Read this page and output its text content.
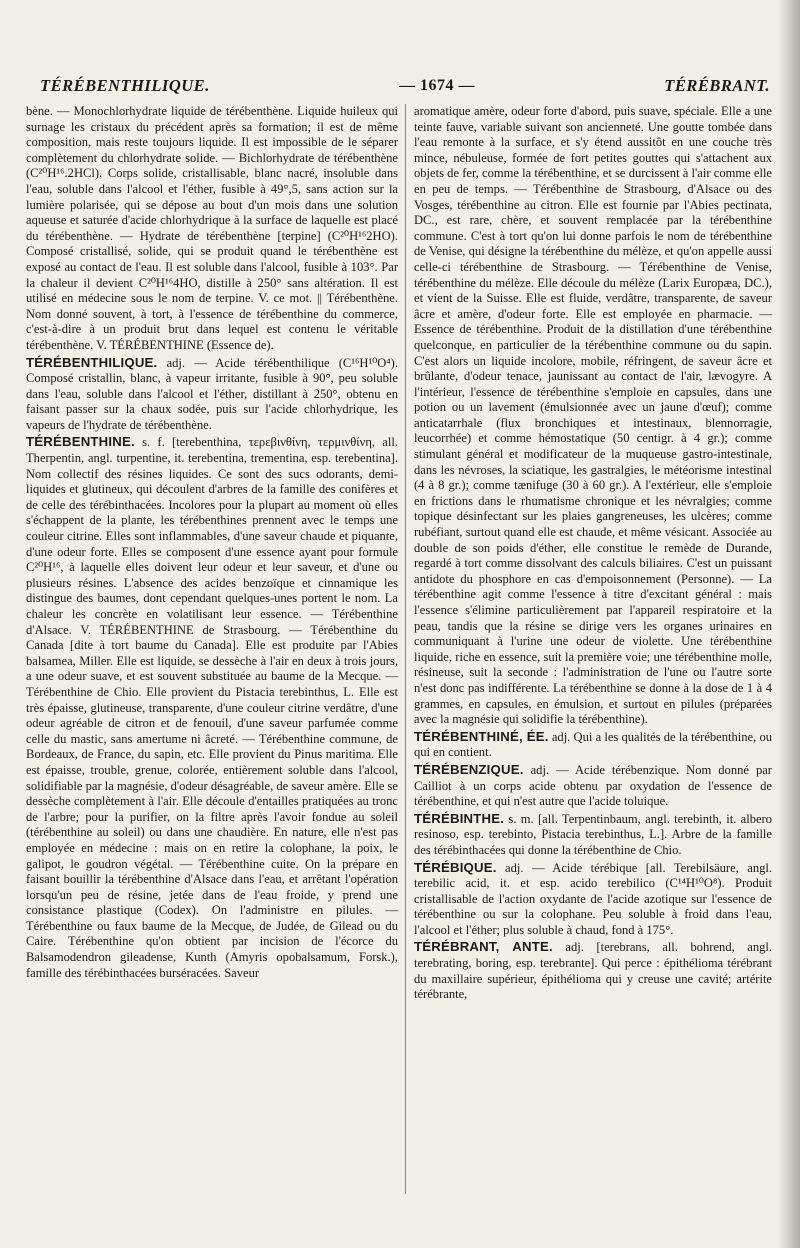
TÉRÉBENTHILIQUE.	— 1674 —	TÉRÉBRANT.

bène. — Monochlorhydrate liquide de térébenthène. Liquide huileux qui surnage les cristaux du précédent après sa formation; il est de même composition, mais reste toujours liquide. Il est impossible de le séparer complètement du chlorhydrate solide. — Bichlorhydrate de térébenthène (C²⁰H¹⁶.2HCl). Corps solide, cristallisable, blanc nacré, insoluble dans l'eau, soluble dans l'alcool et l'éther, fusible à 49°,5, sans action sur la lumière polarisée, qui se dépose au bout d'un mois dans une solution aqueuse et saturée d'acide chlorhydrique à la surface de laquelle est placé du térébenthène. — Hydrate de térébenthène [terpine] (C²⁰H¹⁶2HO). Composé cristallisé, solide, qui se produit quand le térébenthène est exposé au contact de l'eau. Il est soluble dans l'alcool, fusible à 103°. Par la chaleur il devient C²⁰H¹⁶4HO, distille à 250° sans altération. Il est utilisé en médecine sous le nom de terpine. V. ce mot. || Térébenthène. Nom donné souvent, à tort, à l'essence de térébenthine du commerce, c'est-à-dire à un produit brut dans lequel est contenu le véritable térébenthène. V. TÉRÉBENTHINE (Essence de).

TÉRÉBENTHILIQUE. adj. — Acide térébenthilique (C¹⁶H¹⁰O⁴). Composé cristallin, blanc, à vapeur irritante, fusible à 90°, peu soluble dans l'eau, soluble dans l'alcool et l'éther, distillant à 250°, obtenu en faisant passer sur la chaux sodée, puis sur l'acide chlorhydrique, les vapeurs de l'hydrate de térébenthène.

TÉRÉBENTHINE. s. f. [terebenthina, τερεβινθίνη, τερμινθίνη, all. Therpentin, angl. turpentine, it. terebentina, trementina, esp. terebentina]. Nom collectif des résines liquides. Ce sont des sucs odorants, demi-liquides et glutineux, qui découlent d'arbres de la famille des conifères et de celle des térébinthacées. Incolores pour la plupart au moment où elles s'échappent de la plante, les térébenthines prennent avec le temps une couleur citrine. Elles sont inflammables, d'une saveur chaude et piquante, d'une odeur forte. Elles se composent d'une essence ayant pour formule C²⁰H¹⁶, à laquelle elles doivent leur odeur et leur saveur, et d'une ou plusieurs résines. L'absence des acides benzoïque et cinnamique les distingue des baumes, dont cependant quelques-unes portent le nom. La chaleur les concrète en volatilisant leur essence. — Térébenthine d'Alsace. V. TÉRÉBENTHINE de Strasbourg. — Térébenthine du Canada [dite à tort baume du Canada]. Elle est produite par l'Abies balsamea, Miller. Elle est liquide, se dessèche à l'air en deux à trois jours, a une odeur suave, et est souvent substituée au baume de la Mecque. — Térébenthine de Chio. Elle provient du Pistacia terebinthus, L. Elle est très épaisse, glutineuse, transparente, d'une couleur citrine verdâtre, d'une odeur agréable de citron et de fenouil, d'une saveur parfumée comme celle du mastic, sans amertume ni âcreté. — Térébenthine commune, de Bordeaux, de France, du sapin, etc. Elle provient du Pinus maritima. Elle est épaisse, trouble, grenue, colorée, entièrement soluble dans l'alcool, solidifiable par la magnésie, d'odeur désagréable, de saveur amère. Elle se dessèche complètement à l'air. Elle découle d'entailles pratiquées au tronc de l'arbre; pour la purifier, on la filtre après l'avoir fondue au soleil (térébenthine au soleil) ou dans une chaudière. En nature, elle n'est pas employée en médecine : mais on en retire la colophane, la poix, le galipot, le goudron végétal. — Térébenthine cuite. On la prépare en faisant bouillir la térébenthine d'Alsace dans l'eau, et arrêtant l'opération lorsqu'un peu de résine, jetée dans de l'eau froide, y prend une consistance plastique (Codex). On l'administre en pilules. — Térébenthine ou faux baume de la Mecque, de Judée, de Gilead ou du Caire. Térébenthine qu'on obtient par incision de l'écorce du Balsamodendron gileadense, Kunth (Amyris opobalsamum, Forsk.), famille des térébinthacées burséracées. Saveur

aromatique amère, odeur forte d'abord, puis suave, spéciale. Elle a une teinte fauve, variable suivant son ancienneté. Une goutte tombée dans l'eau remonte à la surface, et s'y étend aussitôt en une couche très mince, nébuleuse, formée de fort petites gouttes qui s'attachent aux objets de fer, comme la térébenthine, et se durcissent à l'air comme elle en peu de temps. — Térébenthine de Strasbourg, d'Alsace ou des Vosges, térébenthine au citron. Elle est fournie par l'Abies pectinata, DC., est rare, chère, et souvent remplacée par la térébenthine commune. C'est à tort qu'on lui donne parfois le nom de térébenthine de Venise, qui désigne la térébenthine du mélèze, et qu'on appelle aussi celle-ci térébenthine de Strasbourg. — Térébenthine de Venise, térébenthine du mélèze. Elle découle du mélèze (Larix Europæa, DC.), et vient de la Suisse. Elle est fluide, verdâtre, transparente, de saveur âcre et amère, d'odeur forte. Elle est employée en pharmacie. — Essence de térébenthine. Produit de la distillation d'une térébenthine quelconque, en particulier de la térébenthine commune ou du sapin. C'est alors un liquide incolore, mobile, réfringent, de saveur âcre et brûlante, d'odeur tenace, jaunissant au contact de l'air, lævogyre. A l'intérieur, l'essence de térébenthine s'emploie en capsules, dans une potion ou un lavement (émulsionnée avec un jaune d'œuf); comme anticatarrhale (flux bronchiques et intestinaux, blennorragie, leucorrhée) et comme hémostatique (50 centigr. à 4 gr.); comme stimulant général et modificateur de la muqueuse gastro-intestinale, dans les névroses, la sciatique, les gastralgies, le météorisme intestinal (4 à 8 gr.); comme tænifuge (30 à 60 gr.). A l'extérieur, elle s'emploie en frictions dans le rhumatisme chronique et les névralgies; comme topique désinfectant sur les plaies gangreneuses, les ulcères; comme rubéfiant, surtout quand elle est chaude, et même vésicant. Associée au double de son poids d'éther, elle constitue le remède de Durande, regardé à tort comme dissolvant des calculs biliaires. C'est un puissant antidote du phosphore en cas d'empoisonnement (Personne). — La térébenthine agit comme l'essence à titre d'excitant général : mais l'essence s'élimine particulièrement par l'appareil respiratoire et la peau, tandis que la résine se dirige vers les organes urinaires en communiquant à l'urine une odeur de violette. Une térébenthine liquide, riche en essence, suit la première voie; une térébenthine molle, résineuse, suit la seconde : l'administration de l'une ou l'autre sorte n'est donc pas indifférente. La térébenthine se donne à la dose de 1 à 4 grammes, en capsules, en émulsion, et surtout en pilules (préparées avec la magnésie qui solidifie la térébenthine).

TÉRÉBENTHINÉ, ÉE. adj. Qui a les qualités de la térébenthine, ou qui en contient.

TÉRÉBENZIQUE. adj. — Acide térébenzique. Nom donné par Cailliot à un corps acide obtenu par oxydation de l'essence de térébenthine, et qui n'est autre que l'acide toluique.

TÉRÉBINTHE. s. m. [all. Terpentinbaum, angl. terebinth, it. albero resinoso, esp. terebinto, Pistacia terebinthus, L.]. Arbre de la famille des térébinthacées qui donne la térébenthine de Chio.

TÉRÉBIQUE. adj. — Acide térébique [all. Terebilsäure, angl. terebilic acid, it. et esp. acido terebilico (C¹⁴H¹⁰O⁸). Produit cristallisable de l'action oxydante de l'acide azotique sur l'essence de térébenthine ou sur la colophane. Peu soluble à froid dans l'eau, l'alcool et l'éther; plus soluble à chaud, fond à 175°.

TÉRÉBRANT, ANTE. adj. [terebrans, all. bohrend, angl. terebrating, boring, esp. terebrante]. Qui perce : épithélioma térébrant du maxillaire supérieur, épithélioma qui y creuse une cavité; artérite térébrante,
